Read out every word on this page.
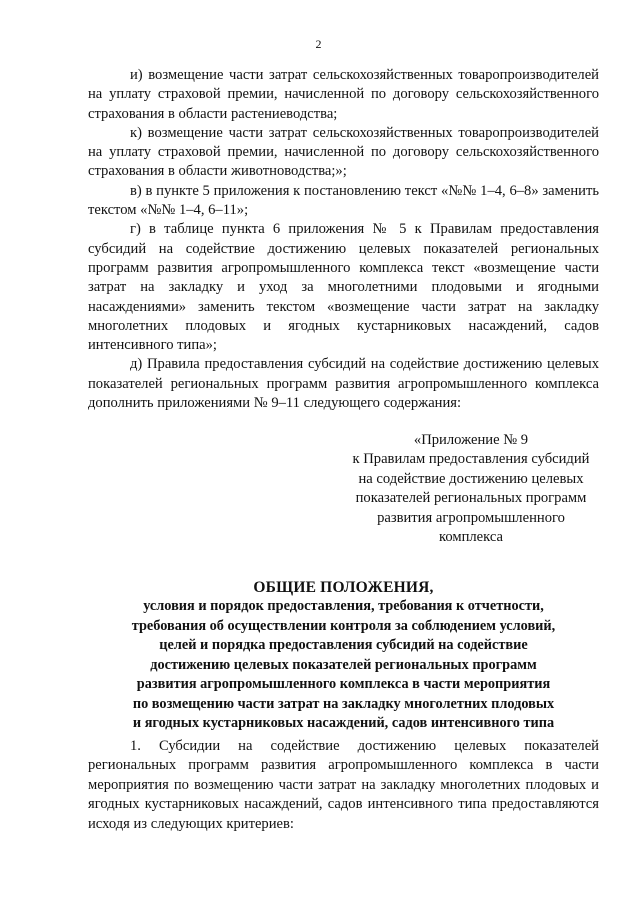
2

и) возмещение части затрат сельскохозяйственных товаропроизводителей на уплату страховой премии, начисленной по договору сельскохозяйственного страхования в области растениеводства;

к) возмещение части затрат сельскохозяйственных товаропроизводителей на уплату страховой премии, начисленной по договору сельскохозяйственного страхования в области животноводства;»;

в) в пункте 5 приложения к постановлению текст «№№ 1–4, 6–8» заменить текстом «№№ 1–4, 6–11»;

г) в таблице пункта 6 приложения № 5 к Правилам предоставления субсидий на содействие достижению целевых показателей региональных программ развития агропромышленного комплекса текст «возмещение части затрат на закладку и уход за многолетними плодовыми и ягодными насаждениями» заменить текстом «возмещение части затрат на закладку многолетних плодовых и ягодных кустарниковых насаждений, садов интенсивного типа»;

д) Правила предоставления субсидий на содействие достижению целевых показателей региональных программ развития агропромышленного комплекса дополнить приложениями № 9–11 следующего содержания:

«Приложение № 9
к Правилам предоставления субсидий
на содействие достижению целевых
показателей региональных программ
развития агропромышленного
комплекса
ОБЩИЕ ПОЛОЖЕНИЯ,
условия и порядок предоставления, требования к отчетности,
требования об осуществлении контроля за соблюдением условий,
целей и порядка предоставления субсидий на содействие
достижению целевых показателей региональных программ
развития агропромышленного комплекса в части мероприятия
по возмещению части затрат на закладку многолетних плодовых
и ягодных кустарниковых насаждений, садов интенсивного типа

1. Субсидии на содействие достижению целевых показателей региональных программ развития агропромышленного комплекса в части мероприятия по возмещению части затрат на закладку многолетних плодовых и ягодных кустарниковых насаждений, садов интенсивного типа предоставляются исходя из следующих критериев:
